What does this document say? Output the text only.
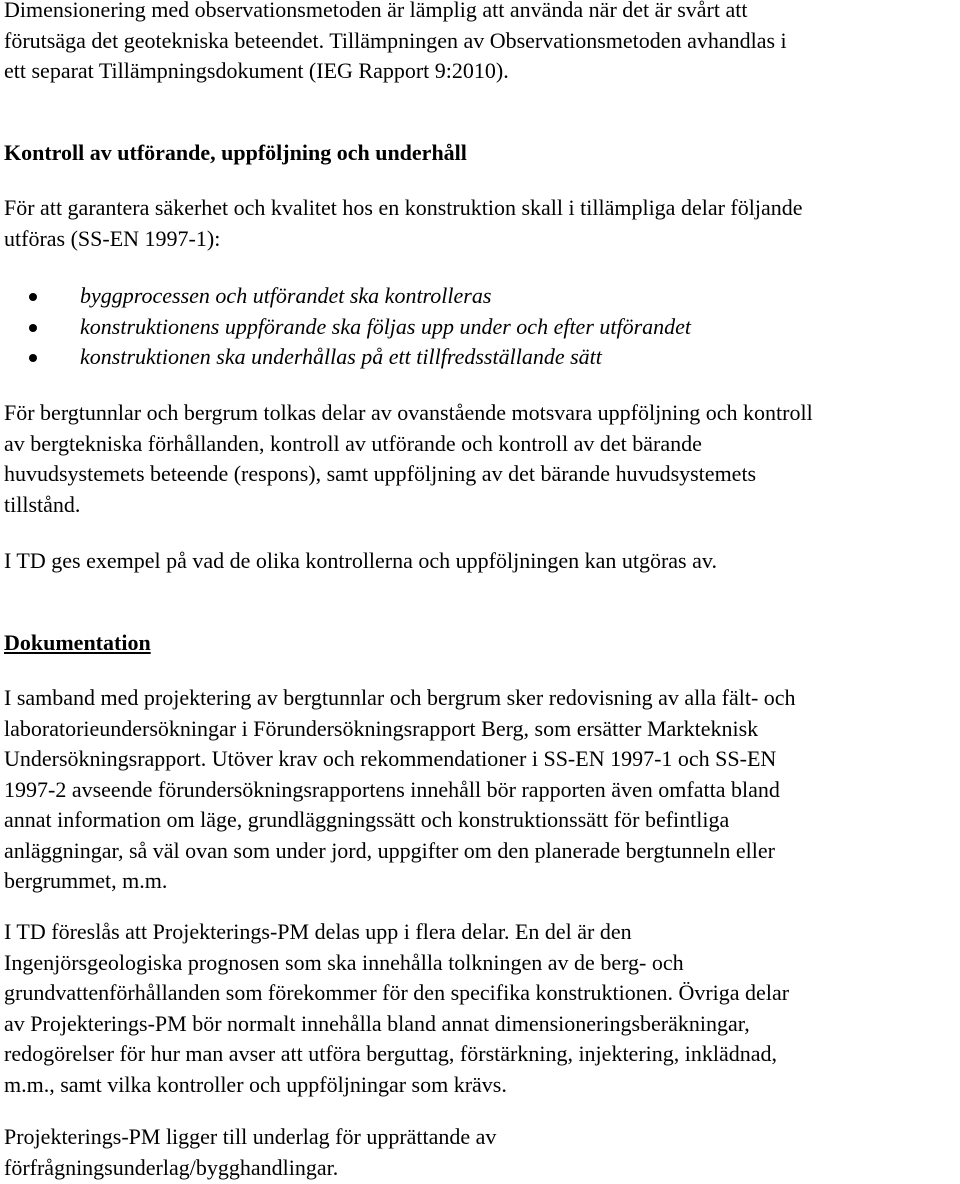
Dimensionering med observationsmetoden är lämplig att använda när det är svårt att

förutsäga det geotekniska beteendet. Tillämpningen av Observationsmetoden avhandlas i

ett separat Tillämpningsdokument (IEG Rapport 9:2010).

Kontroll av utförande, uppföljning och underhåll

För att garantera säkerhet och kvalitet hos en konstruktion skall i tillämpliga delar följande

utföras (SS-EN 1997-1):

byggprocessen och utförandet ska kontrolleras
konstruktionens uppförande ska följas upp under och efter utförandet
konstruktionen ska underhållas på ett tillfredsställande sätt

För bergtunnlar och bergrum tolkas delar av ovanstående motsvara uppföljning och kontroll

av bergtekniska förhållanden, kontroll av utförande och kontroll av det bärande

huvudsystemets beteende (respons), samt uppföljning av det bärande huvudsystemets

tillstånd.

I TD ges exempel på vad de olika kontrollerna och uppföljningen kan utgöras av.

Dokumentation

I samband med projektering av bergtunnlar och bergrum sker redovisning av alla fält- och

laboratorieundersökningar i Förundersökningsrapport Berg, som ersätter Markteknisk

Undersökningsrapport. Utöver krav och rekommendationer i SS-EN 1997-1 och SS-EN

1997-2 avseende förundersökningsrapportens innehåll bör rapporten även omfatta bland

annat information om läge, grundläggningssätt och konstruktionssätt för befintliga

anläggningar, så väl ovan som under jord, uppgifter om den planerade bergtunneln eller

bergrummet, m.m.

I TD föreslås att Projekterings-PM delas upp i flera delar. En del är den

Ingenjörsgeologiska prognosen som ska innehålla tolkningen av de berg- och

grundvattenförhållanden som förekommer för den specifika konstruktionen. Övriga delar

av Projekterings-PM bör normalt innehålla bland annat dimensioneringsberäkningar,

redogörelser för hur man avser att utföra berguttag, förstärkning, injektering, inklädnad,

m.m., samt vilka kontroller och uppföljningar som krävs.

Projekterings-PM ligger till underlag för upprättande av

förfrågningsunderlag/bygghandlingar.
